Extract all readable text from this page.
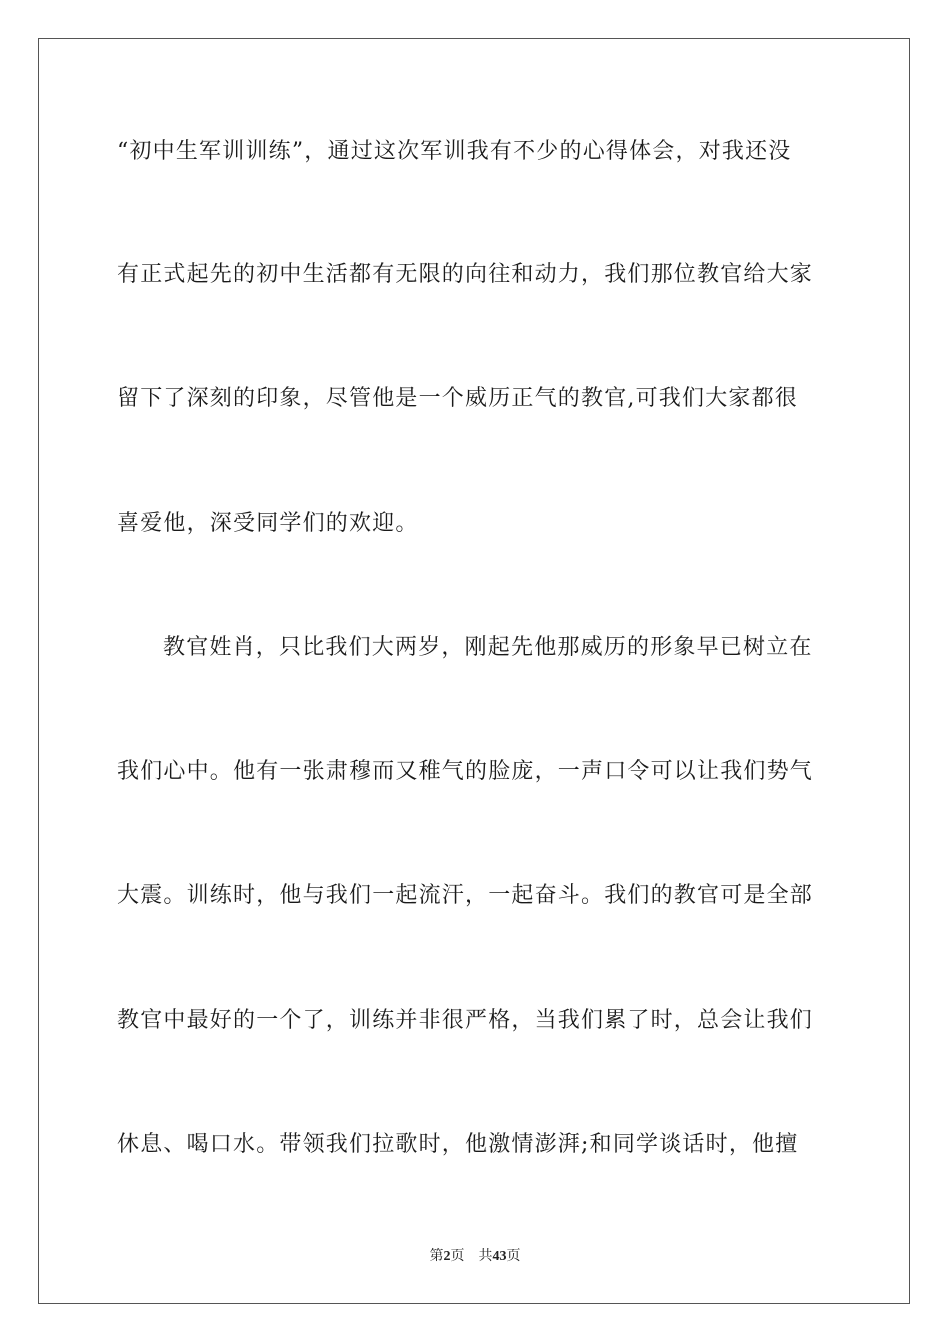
“初中生军训训练”，通过这次军训我有不少的心得体会，对我还没
有正式起先的初中生活都有无限的向往和动力，我们那位教官给大家
留下了深刻的印象，尽管他是一个威历正气的教官,可我们大家都很
喜爱他，深受同学们的欢迎。
教官姓肖，只比我们大两岁，刚起先他那威历的形象早已树立在
我们心中。他有一张肃穆而又稚气的脸庞，一声口令可以让我们势气
大震。训练时，他与我们一起流汗，一起奋斗。我们的教官可是全部
教官中最好的一个了，训练并非很严格，当我们累了时，总会让我们
休息、喝口水。带领我们拉歌时，他激情澎湃;和同学谈话时，他擅
第2页 共43页
